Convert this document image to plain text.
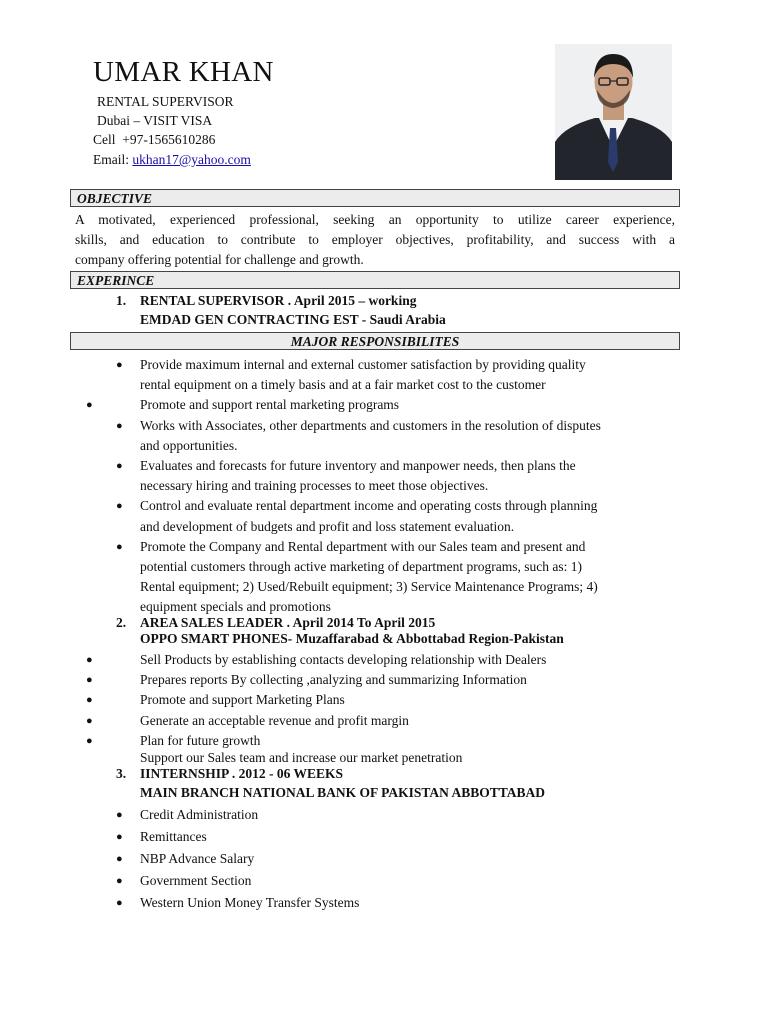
UMAR KHAN
RENTAL SUPERVISOR
Dubai – VISIT VISA
Cell +97-1565610286
Email: ukhan17@yahoo.com
OBJECTIVE
A motivated, experienced professional, seeking an opportunity to utilize career experience,
skills, and education to contribute to employer objectives, profitability, and success with a
company offering potential for challenge and growth.
EXPERINCE
1. RENTAL SUPERVISOR . April 2015 – working
EMDAD GEN CONTRACTING EST - Saudi Arabia
MAJOR RESPONSIBILITES
● Provide maximum internal and external customer satisfaction by providing quality
rental equipment on a timely basis and at a fair market cost to the customer
●	Promote and support rental marketing programs
● Works with Associates, other departments and customers in the resolution of disputes
and opportunities.
● Evaluates and forecasts for future inventory and manpower needs, then plans the
necessary hiring and training processes to meet those objectives.
● Control and evaluate rental department income and operating costs through planning
and development of budgets and profit and loss statement evaluation.
● Promote the Company and Rental department with our Sales team and present and
potential customers through active marketing of department programs, such as: 1)
Rental equipment; 2) Used/Rebuilt equipment; 3) Service Maintenance Programs; 4)
equipment specials and promotions
2. AREA SALES LEADER . April 2014 To April 2015
OPPO SMART PHONES- Muzaffarabad & Abbottabad Region-Pakistan
●	Sell Products by establishing contacts developing relationship with Dealers
●	Prepares reports By collecting ,analyzing and summarizing Information
●	Promote and support Marketing Plans
●	Generate an acceptable revenue and profit margin
●	Plan for future growth
Support our Sales team and increase our market penetration
3. IINTERNSHIP . 2012 - 06 WEEKS
MAIN BRANCH NATIONAL BANK OF PAKISTAN ABBOTTABAD
● Credit Administration
● Remittances
● NBP Advance Salary
● Government Section
● Western Union Money Transfer Systems
